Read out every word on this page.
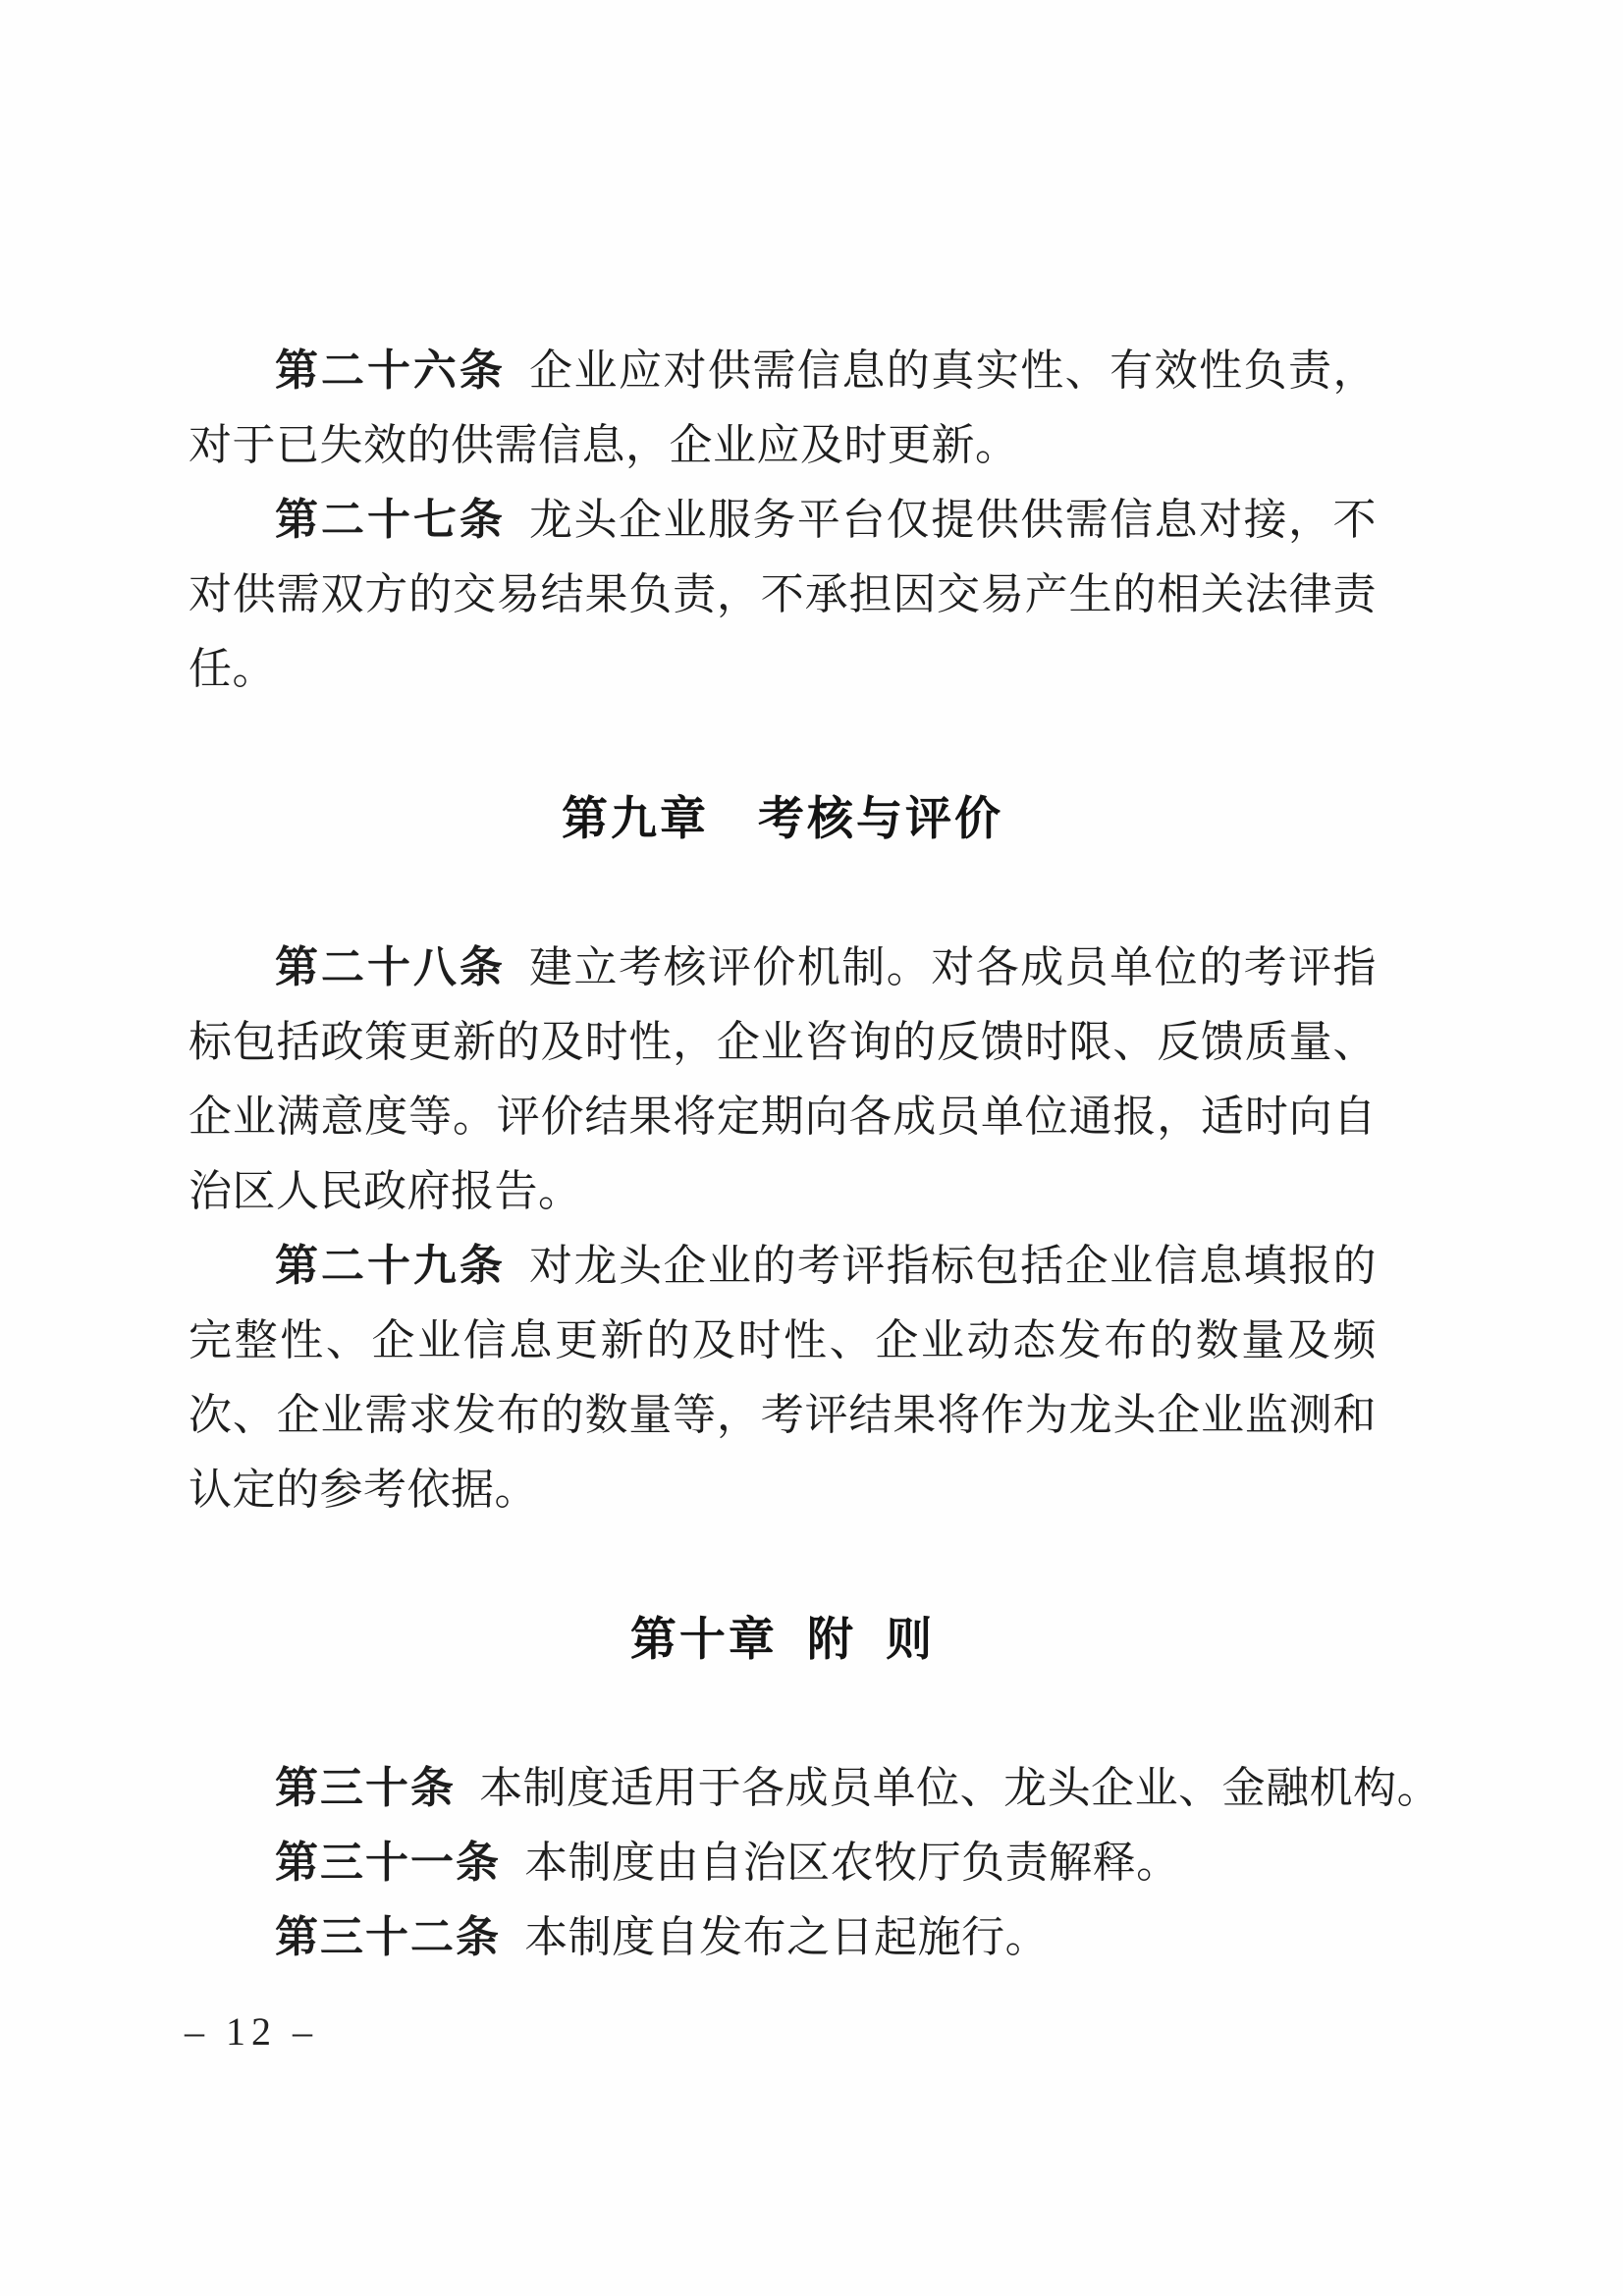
第二十六条 企业应对供需信息的真实性、有效性负责，对于已失效的供需信息，企业应及时更新。

第二十七条 龙头企业服务平台仅提供供需信息对接，不对供需双方的交易结果负责，不承担因交易产生的相关法律责任。

第九章　考核与评价

第二十八条 建立考核评价机制。对各成员单位的考评指标包括政策更新的及时性，企业咨询的反馈时限、反馈质量、企业满意度等。评价结果将定期向各成员单位通报，适时向自治区人民政府报告。

第二十九条 对龙头企业的考评指标包括企业信息填报的完整性、企业信息更新的及时性、企业动态发布的数量及频次、企业需求发布的数量等，考评结果将作为龙头企业监测和认定的参考依据。

第十章 附 则

第三十条 本制度适用于各成员单位、龙头企业、金融机构。

第三十一条 本制度由自治区农牧厅负责解释。

第三十二条 本制度自发布之日起施行。

– 12 –
